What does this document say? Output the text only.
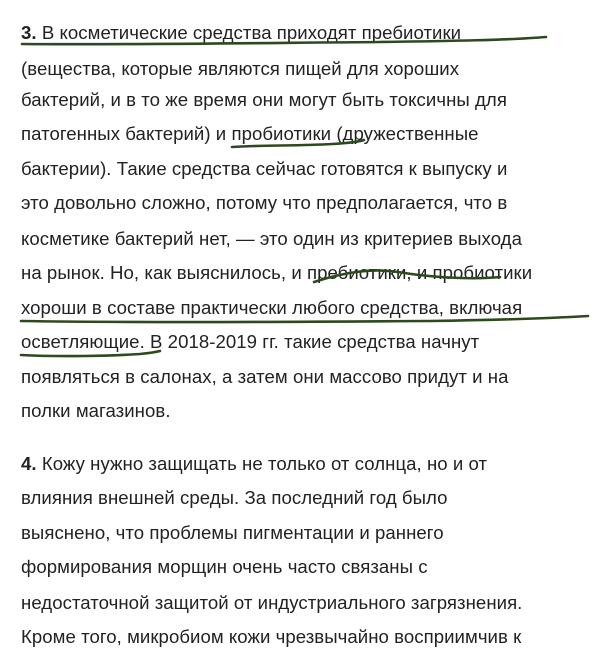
3. В косметические средства приходят пребиотики
(вещества, которые являются пищей для хороших
бактерий, и в то же время они могут быть токсичны для
патогенных бактерий) и пробиотики (дружественные
бактерии). Такие средства сейчас готовятся к выпуску и
это довольно сложно, потому что предполагается, что в
косметике бактерий нет, — это один из критериев выхода
на рынок. Но, как выяснилось, и пребиотики, и пробиотики
хороши в составе практически любого средства, включая
осветляющие. В 2018-2019 гг. такие средства начнут
появляться в салонах, а затем они массово придут и на
полки магазинов.
4. Кожу нужно защищать не только от солнца, но и от
влияния внешней среды. За последний год было
выяснено, что проблемы пигментации и раннего
формирования морщин очень часто связаны с
недостаточной защитой от индустриального загрязнения.
Кроме того, микробиом кожи чрезвычайно восприимчив к
